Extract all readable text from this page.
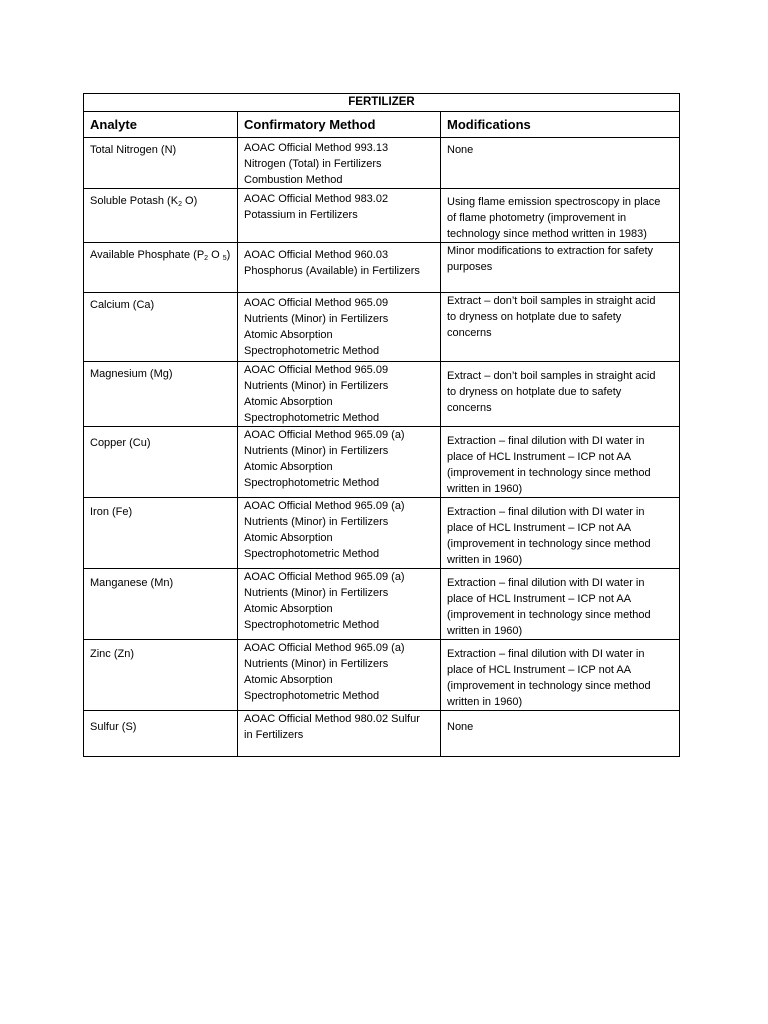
FERTILIZER		
Analyte	Confirmatory Method	Modifications

Total Nitrogen (N)	AOAC Official Method 993.13
Nitrogen (Total) in Fertilizers
Combustion Method	None

Soluble Potash ($K_2$ O)	AOAC Official Method 983.02
Potassium in Fertilizers	Using flame emission spectroscopy in place
of flame photometry (improvement in
technology since method written in 1983)

Available Phosphate ($P_2$ O $_5$)	AOAC Official Method 960.03
Phosphorus (Available) in Fertilizers	Minor modifications to extraction for safety
purposes

Calcium (Ca)	AOAC Official Method 965.09
Nutrients (Minor) in Fertilizers
Atomic Absorption
Spectrophotometric Method	Extract – don’t boil samples in straight acid
to dryness on hotplate due to safety
concerns

Magnesium (Mg)	AOAC Official Method 965.09
Nutrients (Minor) in Fertilizers
Atomic Absorption
Spectrophotometric Method	Extract – don’t boil samples in straight acid
to dryness on hotplate due to safety
concerns

Copper (Cu)	AOAC Official Method 965.09 (a)
Nutrients (Minor) in Fertilizers
Atomic Absorption
Spectrophotometric Method	Extraction – final dilution with DI water in
place of HCL Instrument – ICP not AA
(improvement in technology since method
written in 1960)

Iron (Fe)	AOAC Official Method 965.09 (a)
Nutrients (Minor) in Fertilizers
Atomic Absorption
Spectrophotometric Method	Extraction – final dilution with DI water in
place of HCL Instrument – ICP not AA
(improvement in technology since method
written in 1960)

Manganese (Mn)	AOAC Official Method 965.09 (a)
Nutrients (Minor) in Fertilizers
Atomic Absorption
Spectrophotometric Method	Extraction – final dilution with DI water in
place of HCL Instrument – ICP not AA
(improvement in technology since method
written in 1960)

Zinc (Zn)	AOAC Official Method 965.09 (a)
Nutrients (Minor) in Fertilizers
Atomic Absorption
Spectrophotometric Method	Extraction – final dilution with DI water in
place of HCL Instrument – ICP not AA
(improvement in technology since method
written in 1960)

Sulfur (S)	AOAC Official Method 980.02 Sulfur
in Fertilizers	None
